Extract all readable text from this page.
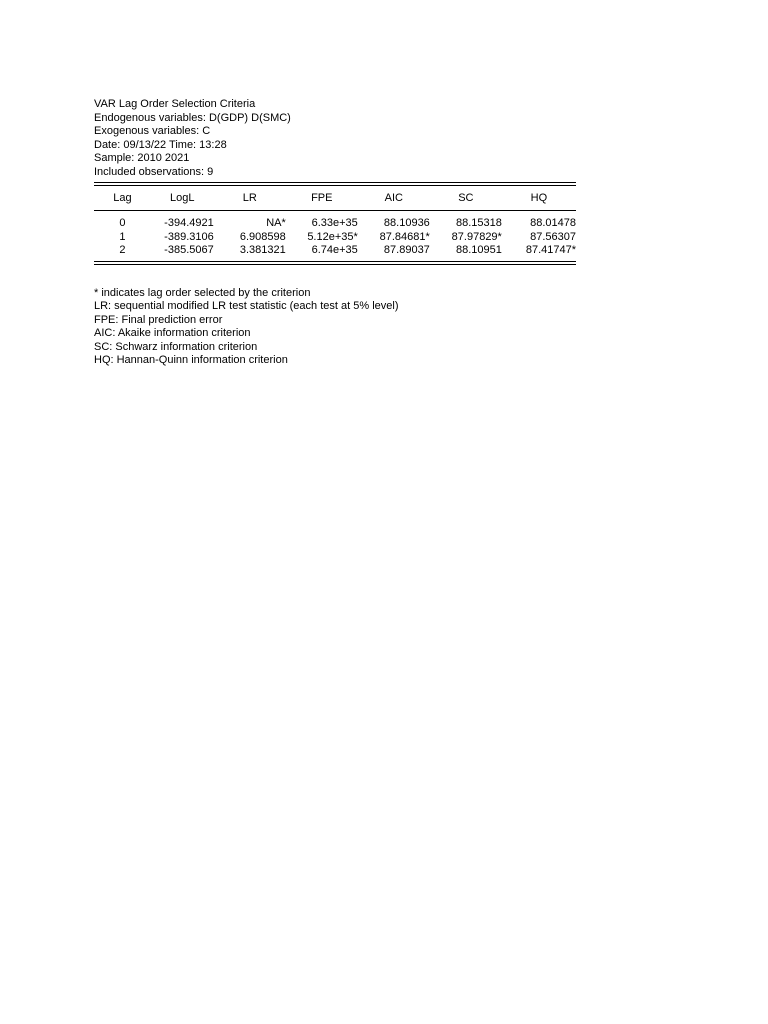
VAR Lag Order Selection Criteria
Endogenous variables: D(GDP) D(SMC)
Exogenous variables: C
Date: 09/13/22 Time: 13:28
Sample: 2010 2021
Included observations: 9
Lag	LogL	LR	FPE	AIC	SC	HQ

0	-394.4921	NA*	6.33e+35	88.10936	88.15318	88.01478
1	-389.3106	6.908598	5.12e+35*	87.84681*	87.97829*	87.56307
2	-385.5067	3.381321	6.74e+35	87.89037	88.10951	87.41747*

* indicates lag order selected by the criterion
LR: sequential modified LR test statistic (each test at 5% level)
FPE: Final prediction error
AIC: Akaike information criterion
SC: Schwarz information criterion
HQ: Hannan-Quinn information criterion
